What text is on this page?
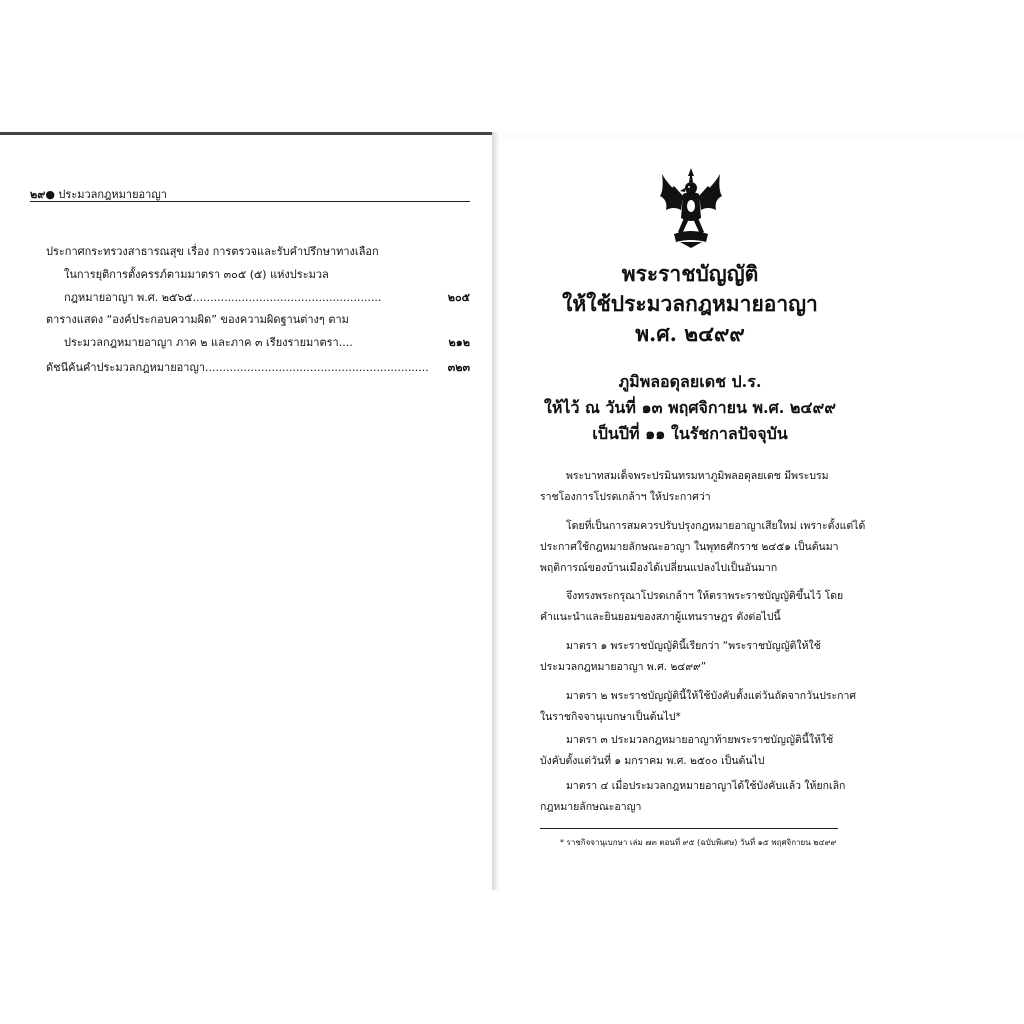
๒๙● ประมวลกฎหมายอาญา
ประกาศกระทรวงสาธารณสุข เรื่อง การตรวจและรับคำปรึกษาทางเลือก
ในการยุติการตั้งครรภ์ตามมาตรา ๓๐๕ (๕) แห่งประมวล
กฎหมายอาญา พ.ศ. ๒๕๖๕......................................................	๒๐๕
ตารางแสดง “องค์ประกอบความผิด” ของความผิดฐานต่างๆ ตาม
ประมวลกฎหมายอาญา ภาค ๒ และภาค ๓ เรียงรายมาตรา....	๒๑๒
ดัชนีค้นคำประมวลกฎหมายอาญา................................................................ ๓๒๓
พระราชบัญญัติ
ให้ใช้ประมวลกฎหมายอาญา
พ.ศ. ๒๔๙๙
ภูมิพลอดุลยเดช ป.ร.
ให้ไว้ ณ วันที่ ๑๓ พฤศจิกายน พ.ศ. ๒๔๙๙
เป็นปีที่ ๑๑ ในรัชกาลปัจจุบัน
พระบาทสมเด็จพระปรมินทรมหาภูมิพลอดุลยเดช มีพระบรม
ราชโองการโปรดเกล้าฯ ให้ประกาศว่า
โดยที่เป็นการสมควรปรับปรุงกฎหมายอาญาเสียใหม่ เพราะตั้งแต่ได้
ประกาศใช้กฎหมายลักษณะอาญา ในพุทธศักราช ๒๔๕๑ เป็นต้นมา
พฤติการณ์ของบ้านเมืองได้เปลี่ยนแปลงไปเป็นอันมาก
จึงทรงพระกรุณาโปรดเกล้าฯ ให้ตราพระราชบัญญัติขึ้นไว้ โดย
คำแนะนำและยินยอมของสภาผู้แทนราษฎร ดังต่อไปนี้
มาตรา ๑ พระราชบัญญัตินี้เรียกว่า “พระราชบัญญัติให้ใช้
ประมวลกฎหมายอาญา พ.ศ. ๒๔๙๙”
มาตรา ๒ พระราชบัญญัตินี้ให้ใช้บังคับตั้งแต่วันถัดจากวันประกาศ
ในราชกิจจานุเบกษาเป็นต้นไป*
มาตรา ๓ ประมวลกฎหมายอาญาท้ายพระราชบัญญัตินี้ให้ใช้
บังคับตั้งแต่วันที่ ๑ มกราคม พ.ศ. ๒๕๐๐ เป็นต้นไป
มาตรา ๔ เมื่อประมวลกฎหมายอาญาได้ใช้บังคับแล้ว ให้ยกเลิก
กฎหมายลักษณะอาญา
* ราชกิจจานุเบกษา เล่ม ๗๓ ตอนที่ ๙๕ (ฉบับพิเศษ) วันที่ ๑๕ พฤศจิกายน ๒๔๙๙
